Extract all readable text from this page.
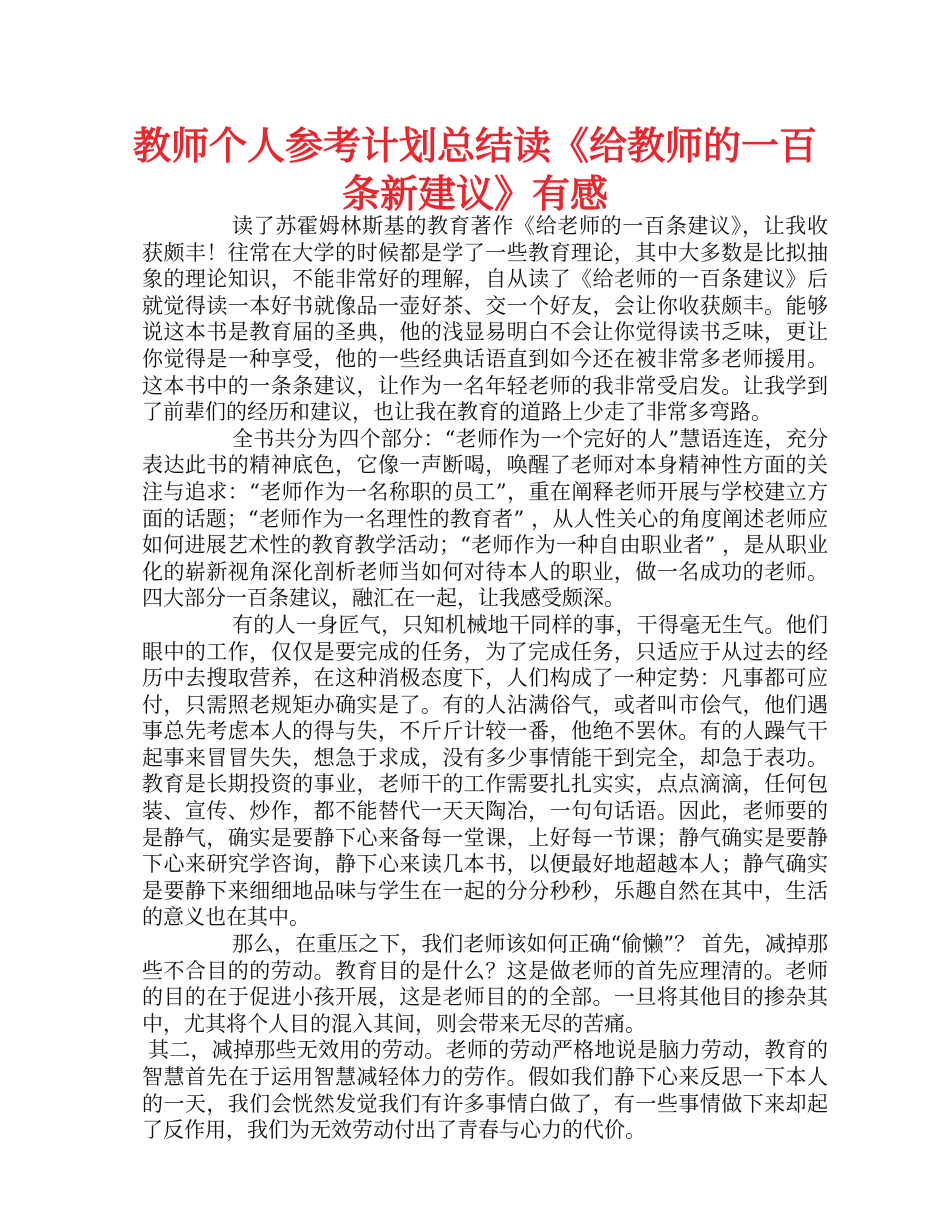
教师个人参考计划总结读《给教师的一百条新建议》有感

读了苏霍姆林斯基的教育著作《给老师的一百条建议》，让我收获颇丰！往常在大学的时候都是学了一些教育理论，其中大多数是比拟抽象的理论知识，不能非常好的理解，自从读了《给老师的一百条建议》后就觉得读一本好书就像品一壶好茶、交一个好友，会让你收获颇丰。能够说这本书是教育届的圣典，他的浅显易明白不会让你觉得读书乏味，更让你觉得是一种享受，他的一些经典话语直到如今还在被非常多老师援用。这本书中的一条条建议，让作为一名年轻老师的我非常受启发。让我学到了前辈们的经历和建议，也让我在教育的道路上少走了非常多弯路。

全书共分为四个部分：“老师作为一个完好的人”慧语连连，充分表达此书的精神底色，它像一声断喝，唤醒了老师对本身精神性方面的关注与追求：“老师作为一名称职的员工”，重在阐释老师开展与学校建立方面的话题；“老师作为一名理性的教育者” ，从人性关心的角度阐述老师应如何进展艺术性的教育教学活动；“老师作为一种自由职业者” ，是从职业化的崭新视角深化剖析老师当如何对待本人的职业，做一名成功的老师。四大部分一百条建议，融汇在一起，让我感受颇深。

有的人一身匠气，只知机械地干同样的事，干得毫无生气。他们眼中的工作，仅仅是要完成的任务，为了完成任务，只适应于从过去的经历中去搜取营养，在这种消极态度下，人们构成了一种定势：凡事都可应付，只需照老规矩办确实是了。有的人沾满俗气，或者叫市侩气，他们遇事总先考虑本人的得与失，不斤斤计较一番，他绝不罢休。有的人躁气干起事来冒冒失失，想急于求成，没有多少事情能干到完全，却急于表功。教育是长期投资的事业，老师干的工作需要扎扎实实，点点滴滴，任何包装、宣传、炒作，都不能替代一天天陶冶，一句句话语。因此，老师要的是静气，确实是要静下心来备每一堂课，上好每一节课；静气确实是要静下心来研究学咨询，静下心来读几本书，以便最好地超越本人；静气确实是要静下来细细地品味与学生在一起的分分秒秒，乐趣自然在其中，生活的意义也在其中。

那么，在重压之下，我们老师该如何正确“偷懒”？ 首先，减掉那些不合目的的劳动。教育目的是什么？这是做老师的首先应理清的。老师的目的在于促进小孩开展，这是老师目的的全部。一旦将其他目的掺杂其中，尤其将个人目的混入其间，则会带来无尽的苦痛。

其二，减掉那些无效用的劳动。老师的劳动严格地说是脑力劳动，教育的智慧首先在于运用智慧减轻体力的劳作。假如我们静下心来反思一下本人的一天，我们会恍然发觉我们有许多事情白做了，有一些事情做下来却起了反作用，我们为无效劳动付出了青春与心力的代价。
